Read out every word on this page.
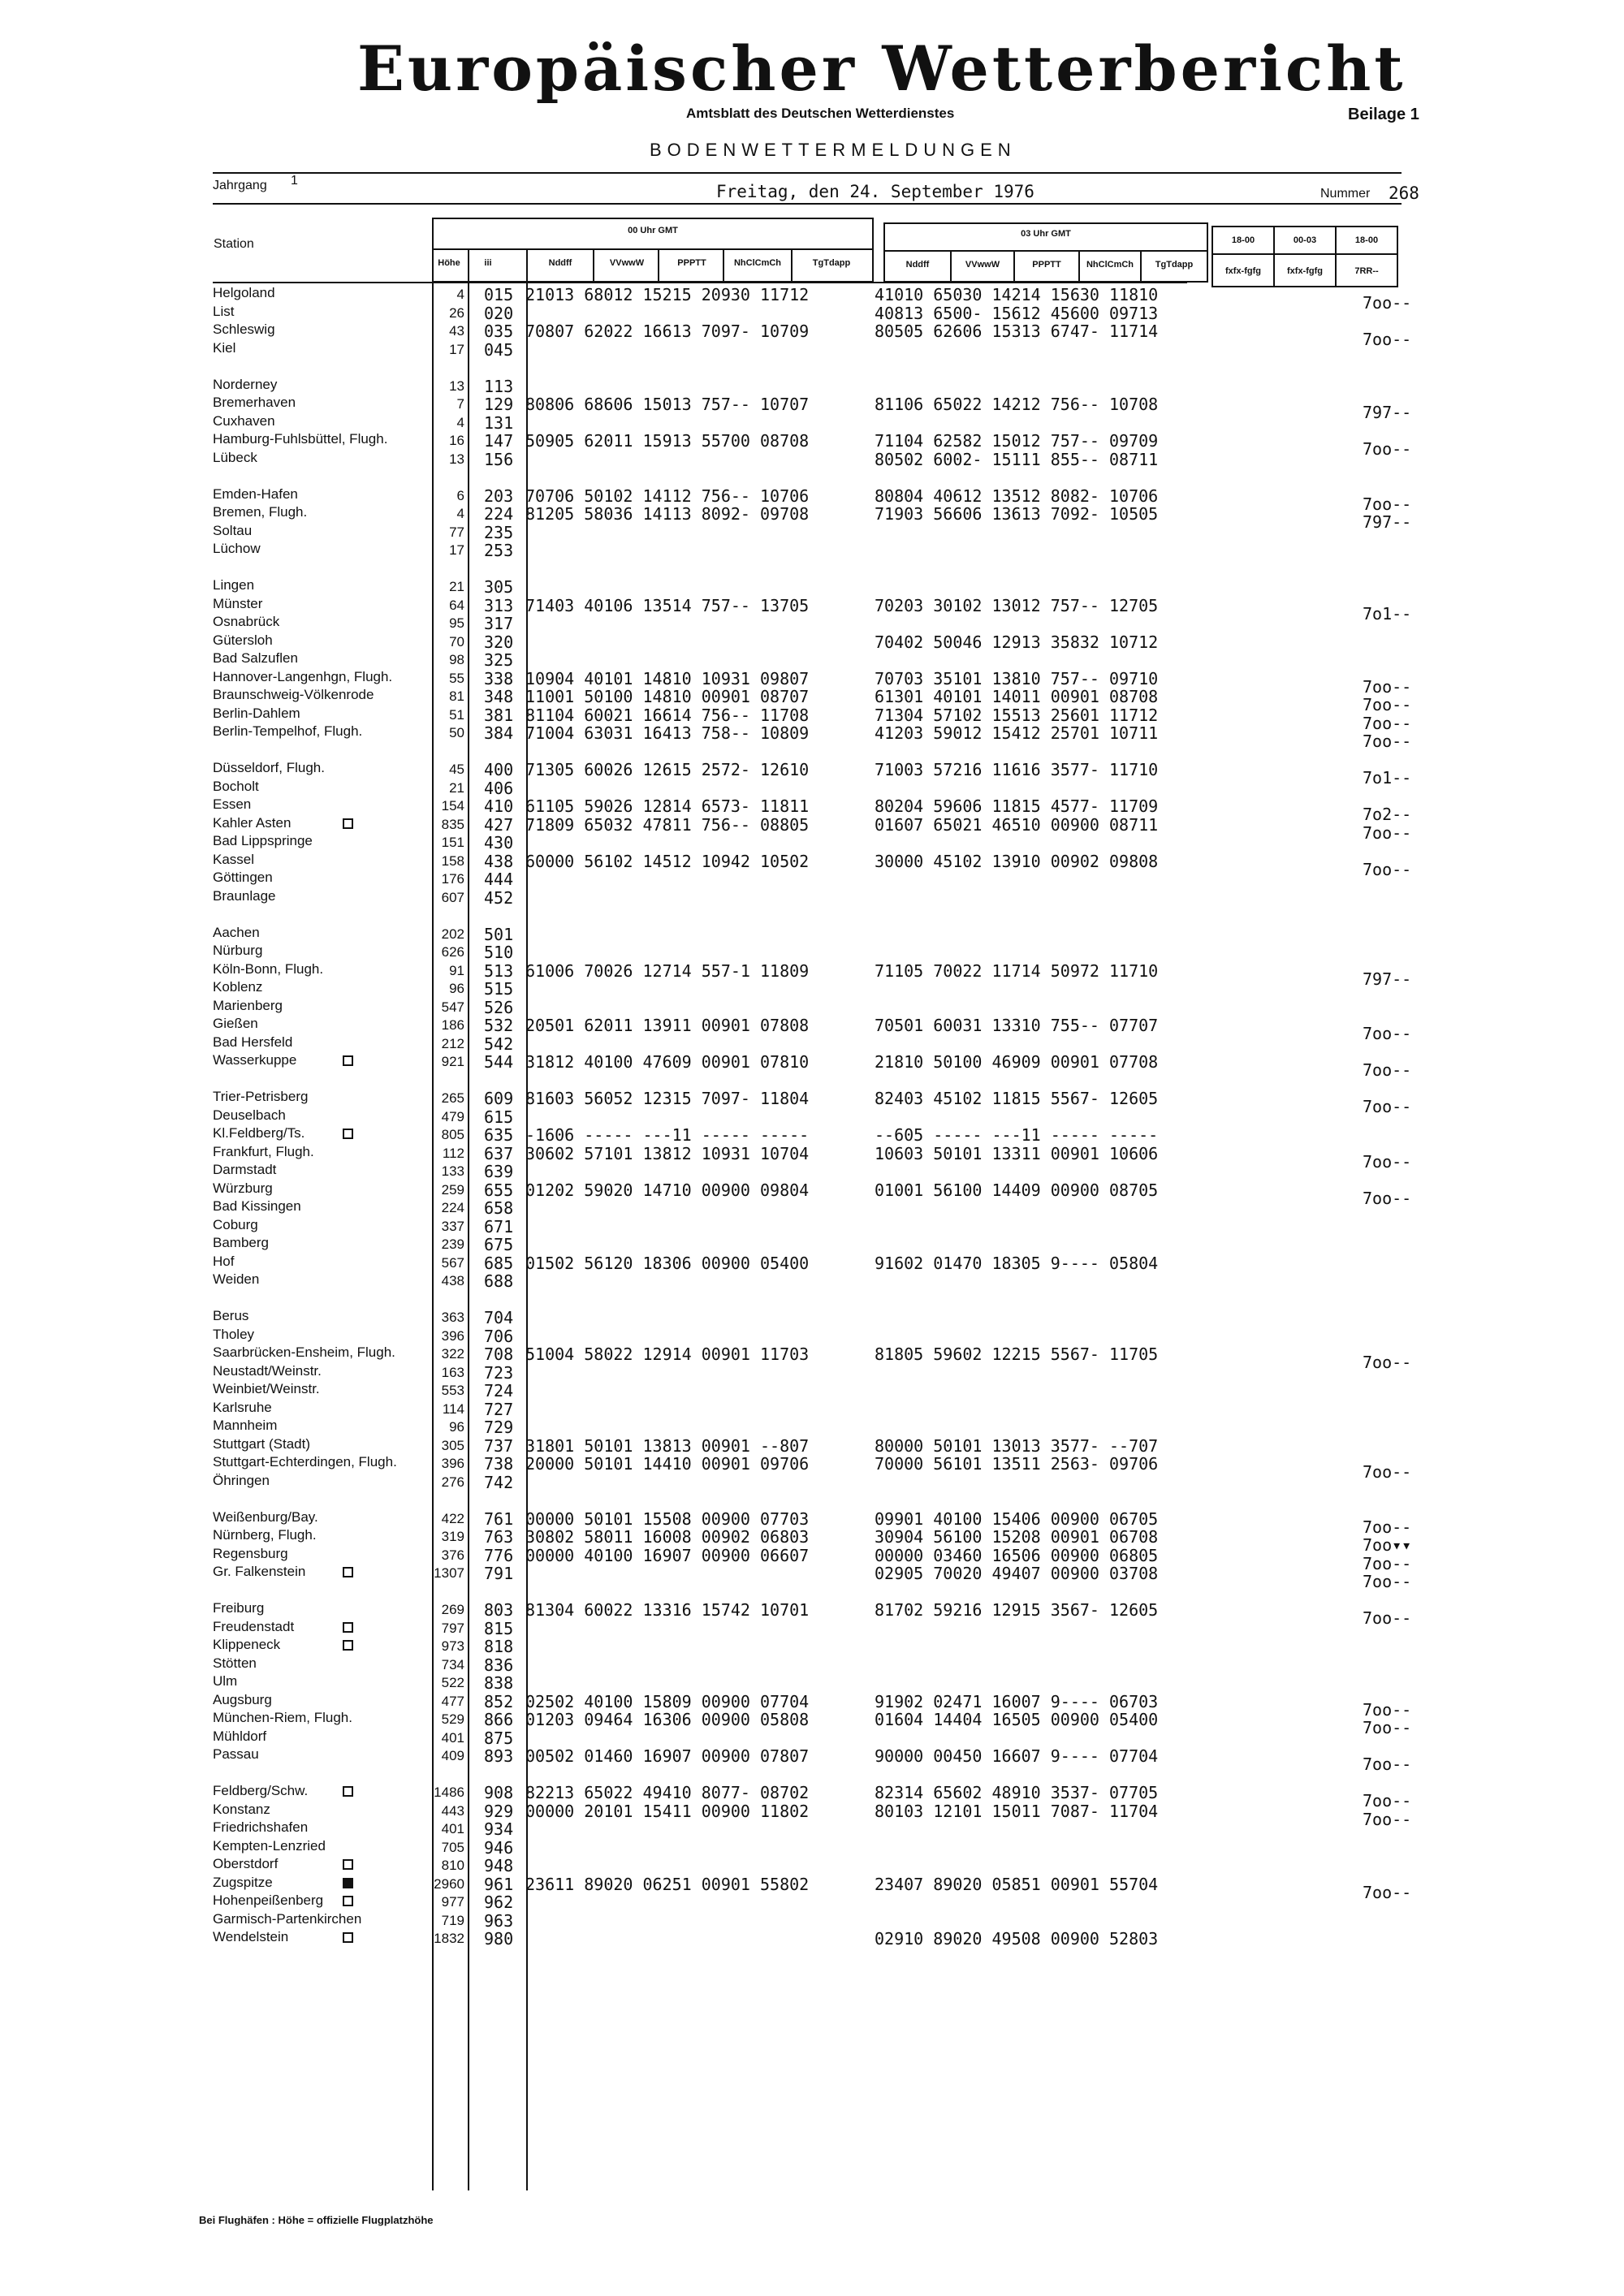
Europäischer Wetterbericht
Amtsblatt des Deutschen Wetterdienstes	Beilage 1
BODENWETTERMELDUNGEN
Jahrgang 1
Freitag, den 24. September 1976	Nummer 268
Station
00 Uhr GMT
Höhe	iii	Nddff	VVwwW	PPPTT	NhClCmCh	TgTdapp
03 Uhr GMT
Nddff	VVwwW	PPPTT	NhClCmCh	TgTdapp
18-00	00-03	18-00
fxfx-fgfg	fxfx-fgfg	7RR--
Helgoland	4 015 21013 68012 15215 20930 11712	41010 65030 14214 15630 11810	7oo--
List	26 020	40813 6500- 15612 45600 09713
Schleswig	43 035 70807 62022 16613 7097- 10709	80505 62606 15313 6747- 11714	7oo--
Kiel	17 045
Norderney	13 113
Bremerhaven	7 129 80806 68606 15013 757-- 10707	81106 65022 14212 756-- 10708	797--
Cuxhaven	4 131
Hamburg-Fuhlsbüttel, Flugh.	16 147 50905 62011 15913 55700 08708	71104 62582 15012 757-- 09709	7oo--
Lübeck	13 156	80502 6002- 15111 855-- 08711
Emden-Hafen	6 203 70706 50102 14112 756-- 10706	80804 40612 13512 8082- 10706	7oo--
Bremen, Flugh.	4 224 81205 58036 14113 8092- 09708	71903 56606 13613 7092- 10505	797--
Soltau	77 235
Lüchow	17 253
Lingen	21 305
Münster	64 313 71403 40106 13514 757-- 13705	70203 30102 13012 757-- 12705	7o1--
Osnabrück	95 317
Gütersloh	70 320	70402 50046 12913 35832 10712
Bad Salzuflen	98 325
Hannover-Langenhgn, Flugh.	55 338 10904 40101 14810 10931 09807	70703 35101 13810 757-- 09710	7oo--
Braunschweig-Völkenrode	81 348 11001 50100 14810 00901 08707	61301 40101 14011 00901 08708	7oo--
Berlin-Dahlem	51 381 81104 60021 16614 756-- 11708	71304 57102 15513 25601 11712	7oo--
Berlin-Tempelhof, Flugh.	50 384 71004 63031 16413 758-- 10809	41203 59012 15412 25701 10711	7oo--
Düsseldorf, Flugh.	45 400 71305 60026 12615 2572- 12610	71003 57216 11616 3577- 11710	7o1--
Bocholt	21 406
Essen	154 410 61105 59026 12814 6573- 11811	80204 59606 11815 4577- 11709	7o2--
Kahler Asten	835 427 71809 65032 47811 756-- 08805	01607 65021 46510 00900 08711	7oo--
Bad Lippspringe	151 430
Kassel	158 438 60000 56102 14512 10942 10502	30000 45102 13910 00902 09808	7oo--
Göttingen	176 444
Braunlage	607 452
Aachen	202 501
Nürburg	626 510
Köln-Bonn, Flugh.	91 513 61006 70026 12714 557-1 11809	71105 70022 11714 50972 11710	797--
Koblenz	96 515
Marienberg	547 526
Gießen	186 532 20501 62011 13911 00901 07808	70501 60031 13310 755-- 07707	7oo--
Bad Hersfeld	212 542
Wasserkuppe	921 544 31812 40100 47609 00901 07810	21810 50100 46909 00901 07708	7oo--
Trier-Petrisberg	265 609 81603 56052 12315 7097- 11804	82403 45102 11815 5567- 12605	7oo--
Deuselbach	479 615
Kl.Feldberg/Ts.	805 635 -1606 ----- ---11 ----- -----	--605 ----- ---11 ----- -----
Frankfurt, Flugh.	112 637 30602 57101 13812 10931 10704	10603 50101 13311 00901 10606	7oo--
Darmstadt	133 639
Würzburg	259 655 01202 59020 14710 00900 09804	01001 56100 14409 00900 08705	7oo--
Bad Kissingen	224 658
Coburg	337 671
Bamberg	239 675
Hof	567 685 01502 56120 18306 00900 05400	91602 01470 18305 9---- 05804
Weiden	438 688
Berus	363 704
Tholey	396 706
Saarbrücken-Ensheim, Flugh.	322 708 51004 58022 12914 00901 11703	81805 59602 12215 5567- 11705	7oo--
Neustadt/Weinstr.	163 723
Weinbiet/Weinstr.	553 724
Karlsruhe	114 727
Mannheim	96 729
Stuttgart (Stadt)	305 737 31801 50101 13813 00901 --807	80000 50101 13013 3577- --707
Stuttgart-Echterdingen, Flugh.	396 738 20000 50101 14410 00901 09706	70000 56101 13511 2563- 09706	7oo--
Öhringen	276 742
Weißenburg/Bay.	422 761 00000 50101 15508 00900 07703	09901 40100 15406 00900 06705	7oo--
Nürnberg, Flugh.	319 763 30802 58011 16008 00902 06803	30904 56100 15208 00901 06708	7oo▾▾
Regensburg	376 776 00000 40100 16907 00900 06607	00000 03460 16506 00900 06805	7oo--
Gr. Falkenstein	1307 791	02905 70020 49407 00900 03708	7oo--
Freiburg	269 803 81304 60022 13316 15742 10701	81702 59216 12915 3567- 12605	7oo--
Freudenstadt	797 815
Klippeneck	973 818
Stötten	734 836
Ulm	522 838
Augsburg	477 852 02502 40100 15809 00900 07704	91902 02471 16007 9---- 06703	7oo--
München-Riem, Flugh.	529 866 01203 09464 16306 00900 05808	01604 14404 16505 00900 05400	7oo--
Mühldorf	401 875
Passau	409 893 00502 01460 16907 00900 07807	90000 00450 16607 9---- 07704	7oo--
Feldberg/Schw.	1486 908 82213 65022 49410 8077- 08702	82314 65602 48910 3537- 07705	7oo--
Konstanz	443 929 00000 20101 15411 00900 11802	80103 12101 15011 7087- 11704	7oo--
Friedrichshafen	401 934
Kempten-Lenzried	705 946
Oberstdorf	810 948
Zugspitze	2960 961 23611 89020 06251 00901 55802	23407 89020 05851 00901 55704	7oo--
Hohenpeißenberg	977 962
Garmisch-Partenkirchen	719 963
Wendelstein	1832 980	02910 89020 49508 00900 52803
Bei Flughäfen : Höhe = offizielle Flugplatzhöhe
